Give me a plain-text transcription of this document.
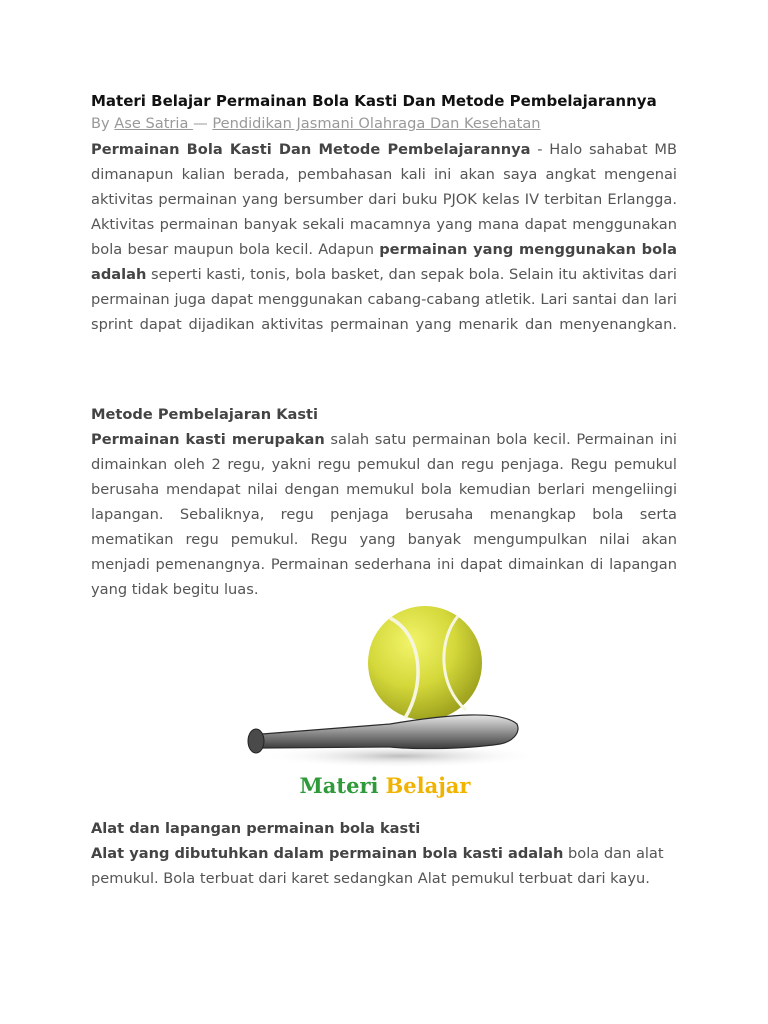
Materi Belajar Permainan Bola Kasti Dan Metode Pembelajarannya
By Ase Satria — Pendidikan Jasmani Olahraga Dan Kesehatan

Permainan Bola Kasti Dan Metode Pembelajarannya - Halo sahabat MB dimanapun kalian berada, pembahasan kali ini akan saya angkat mengenai aktivitas permainan yang bersumber dari buku PJOK kelas IV terbitan Erlangga. Aktivitas permainan banyak sekali macamnya yang mana dapat menggunakan bola besar maupun bola kecil. Adapun permainan yang menggunakan bola adalah seperti kasti, tonis, bola basket, dan sepak bola. Selain itu aktivitas dari permainan juga dapat menggunakan cabang-cabang atletik. Lari santai dan lari sprint dapat dijadikan aktivitas permainan yang menarik dan menyenangkan.

Metode Pembelajaran Kasti

Permainan kasti merupakan salah satu permainan bola kecil. Permainan ini dimainkan oleh 2 regu, yakni regu pemukul dan regu penjaga. Regu pemukul berusaha mendapat nilai dengan memukul bola kemudian berlari mengeliingi lapangan. Sebaliknya, regu penjaga berusaha menangkap bola serta mematikan regu pemukul. Regu yang banyak mengumpulkan nilai akan menjadi pemenangnya. Permainan sederhana ini dapat dimainkan di lapangan yang tidak begitu luas.

Materi Belajar
Alat dan lapangan permainan bola kasti

Alat yang dibutuhkan dalam permainan bola kasti adalah bola dan alat pemukul. Bola terbuat dari karet sedangkan Alat pemukul terbuat dari kayu.
